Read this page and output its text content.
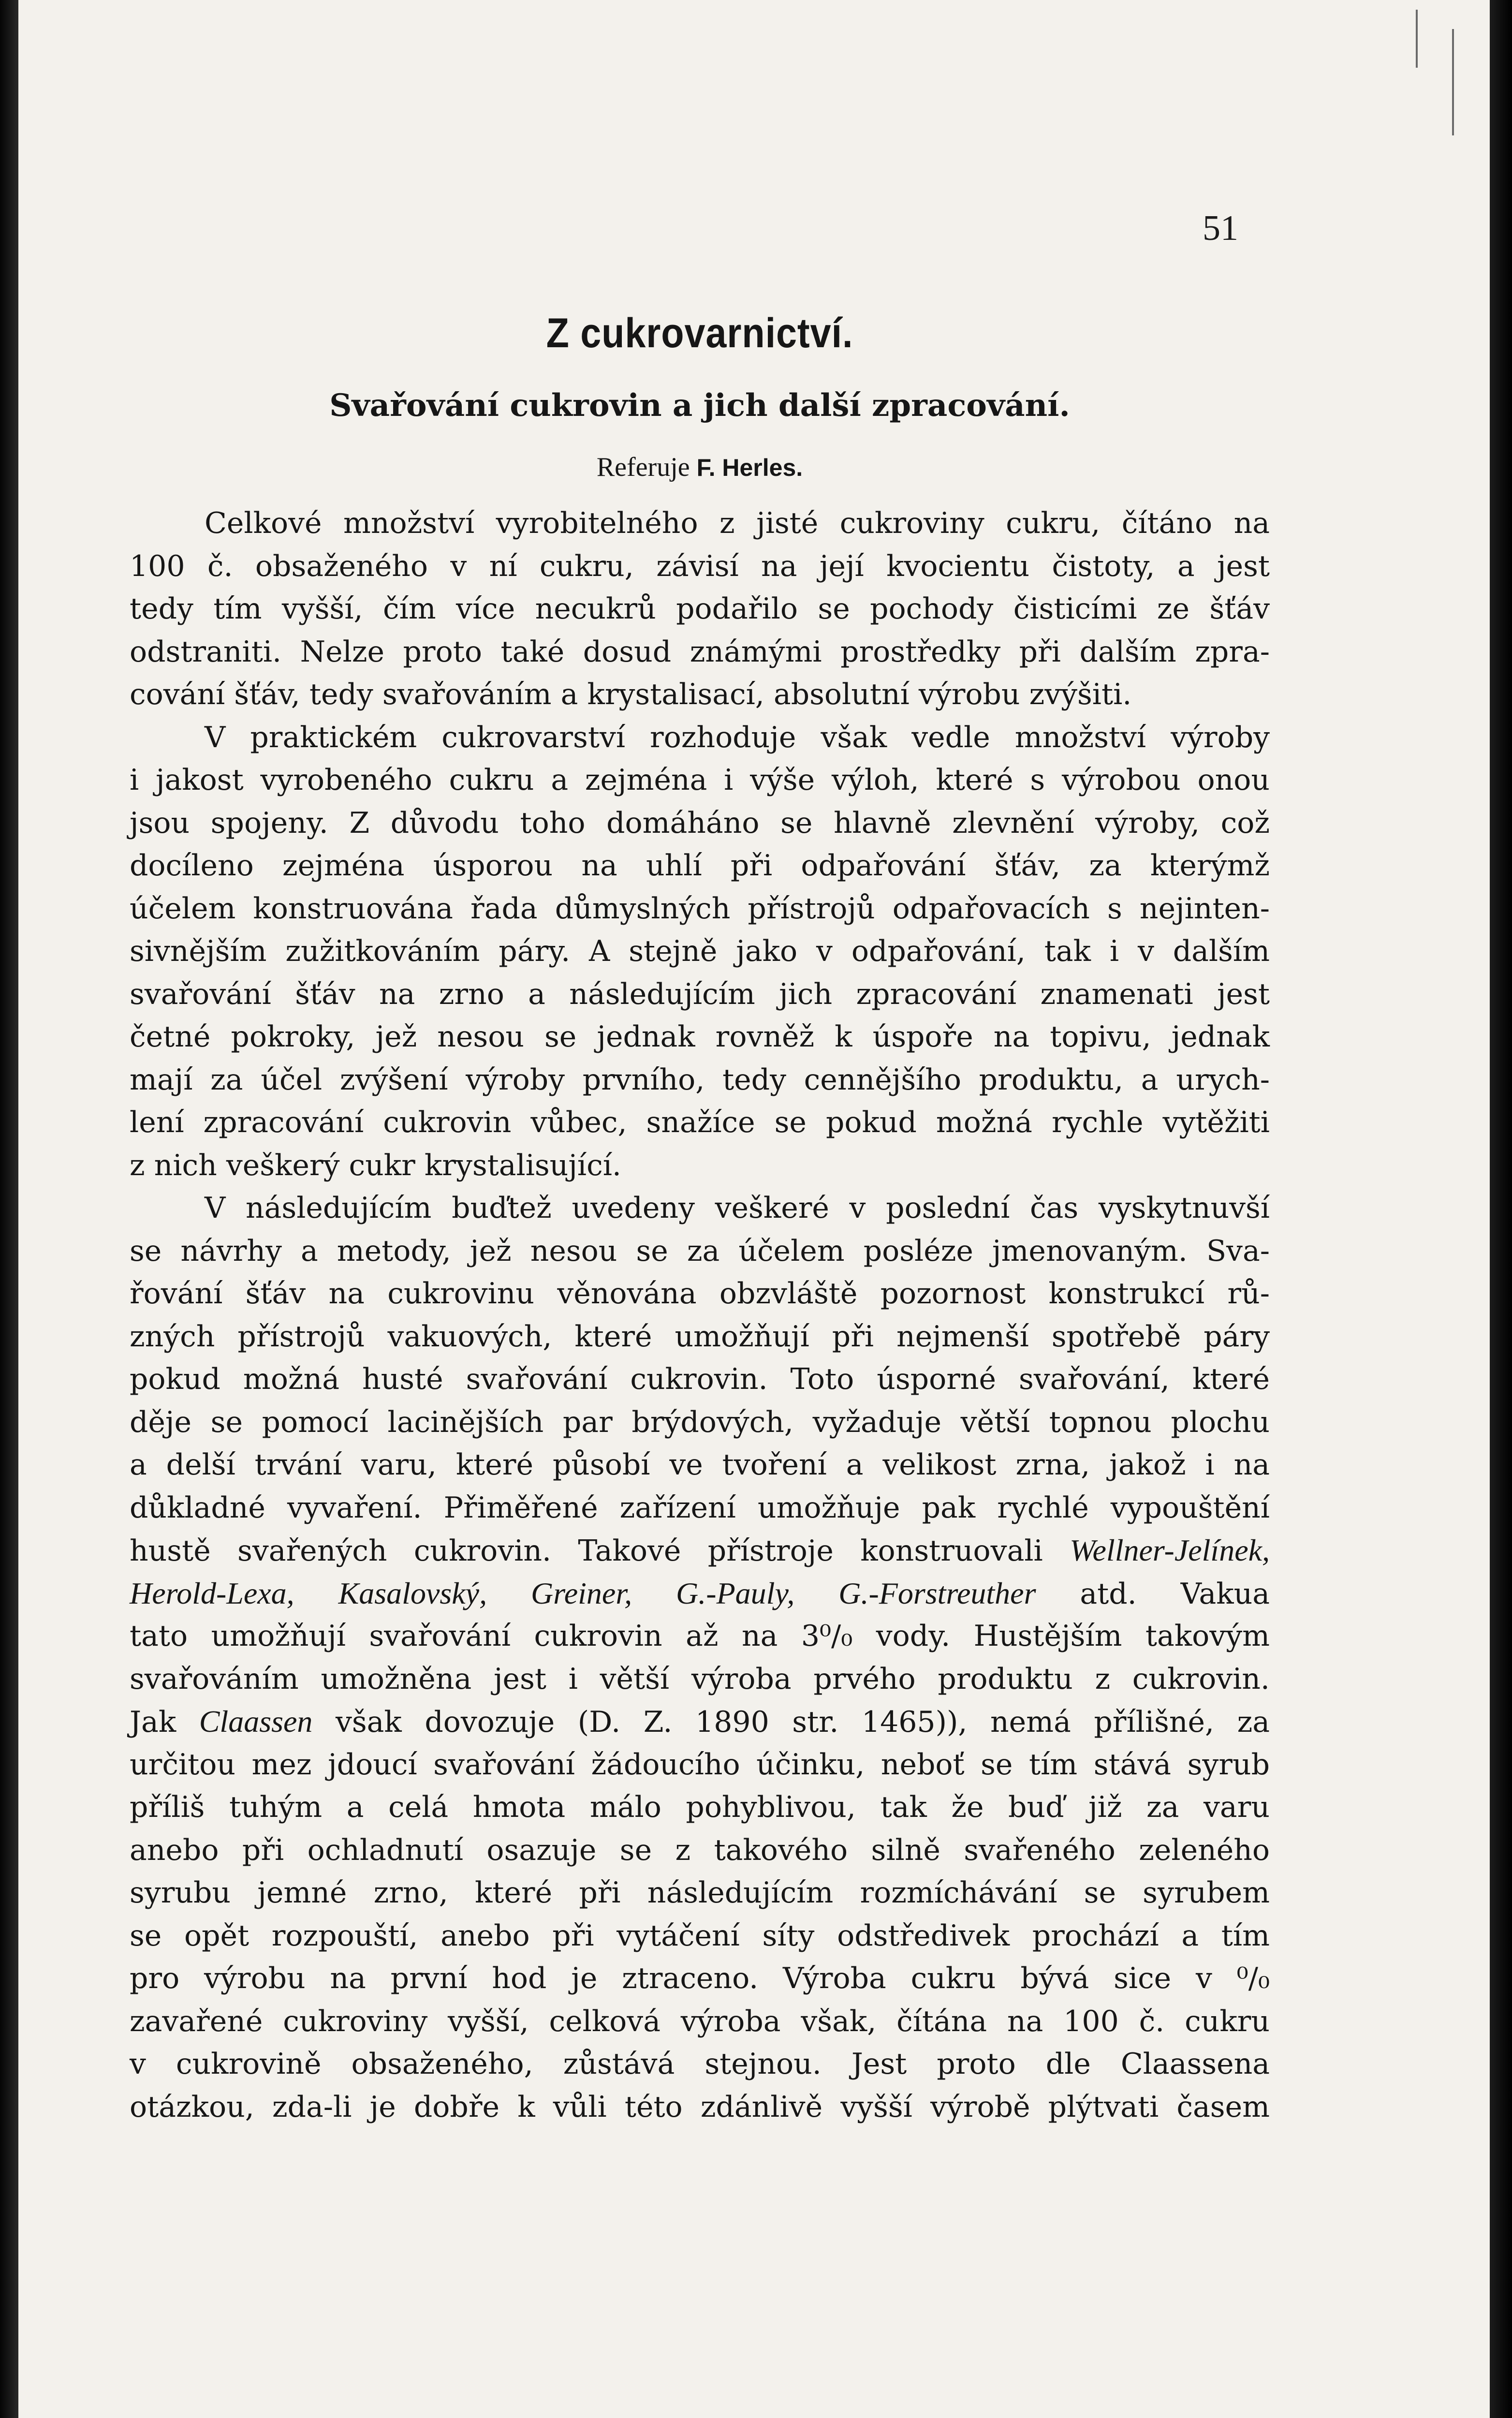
51
Z cukrovarnictví.
Svařování cukrovin a jich další zpracování.
Referuje F. Herles.
Celkové množství vyrobitelného z jisté cukroviny cukru, čítáno na
100 č. obsaženého v ní cukru, závisí na její kvocientu čistoty, a jest
tedy tím vyšší, čím více necukrů podařilo se pochody čisticími ze šťáv
odstraniti. Nelze proto také dosud známými prostředky při dalším zpra-
cování šťáv, tedy svařováním a krystalisací, absolutní výrobu zvýšiti.
V praktickém cukrovarství rozhoduje však vedle množství výroby
i jakost vyrobeného cukru a zejména i výše výloh, které s výrobou onou
jsou spojeny. Z důvodu toho domáháno se hlavně zlevnění výroby, což
docíleno zejména úsporou na uhlí při odpařování šťáv, za kterýmž
účelem konstruována řada důmyslných přístrojů odpařovacích s nejinten-
sivnějším zužitkováním páry. A stejně jako v odpařování, tak i v dalším
svařování šťáv na zrno a následujícím jich zpracování znamenati jest
četné pokroky, jež nesou se jednak rovněž k úspoře na topivu, jednak
mají za účel zvýšení výroby prvního, tedy cennějšího produktu, a urych-
lení zpracování cukrovin vůbec, snažíce se pokud možná rychle vytěžiti
z nich veškerý cukr krystalisující.
V následujícím buďtež uvedeny veškeré v poslední čas vyskytnuvší
se návrhy a metody, jež nesou se za účelem posléze jmenovaným. Sva-
řování šťáv na cukrovinu věnována obzvláště pozornost konstrukcí rů-
zných přístrojů vakuových, které umožňují při nejmenší spotřebě páry
pokud možná husté svařování cukrovin. Toto úsporné svařování, které
děje se pomocí lacinějších par brýdových, vyžaduje větší topnou plochu
a delší trvání varu, které působí ve tvoření a velikost zrna, jakož i na
důkladné vyvaření. Přiměřené zařízení umožňuje pak rychlé vypouštění
hustě svařených cukrovin. Takové přístroje konstruovali Wellner-Jelínek,
Herold-Lexa, Kasalovský, Greiner, G.-Pauly, G.-Forstreuther atd. Vakua
tato umožňují svařování cukrovin až na 3⁰/₀ vody. Hustějším takovým
svařováním umožněna jest i větší výroba prvého produktu z cukrovin.
Jak Claassen však dovozuje (D. Z. 1890 str. 1465)), nemá přílišné, za
určitou mez jdoucí svařování žádoucího účinku, neboť se tím stává syrub
příliš tuhým a celá hmota málo pohyblivou, tak že buď již za varu
anebo při ochladnutí osazuje se z takového silně svařeného zeleného
syrubu jemné zrno, které při následujícím rozmíchávání se syrubem
se opět rozpouští, anebo při vytáčení síty odstředivek prochází a tím
pro výrobu na první hod je ztraceno. Výroba cukru bývá sice v ⁰/₀
zavařené cukroviny vyšší, celková výroba však, čítána na 100 č. cukru
v cukrovině obsaženého, zůstává stejnou. Jest proto dle Claassena
otázkou, zda-li je dobře k vůli této zdánlivě vyšší výrobě plýtvati časem
